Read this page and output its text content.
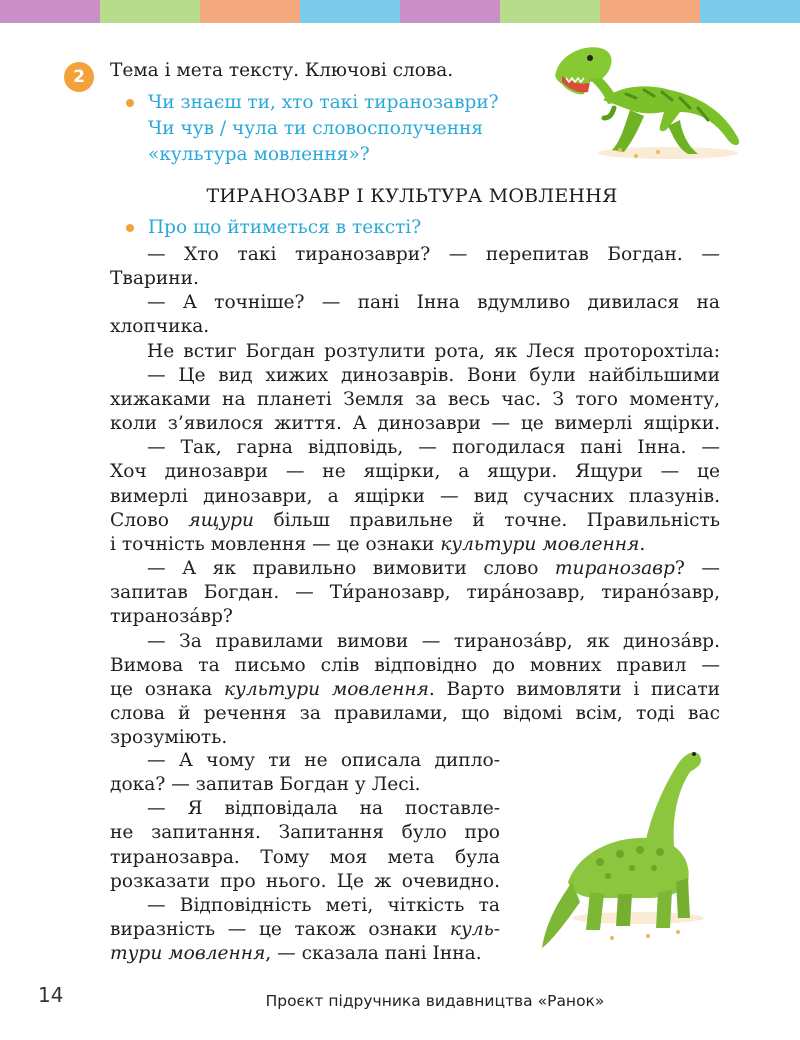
2	Тема і мета тексту. Ключові слова.
Чи знаєш ти, хто такі тиранозаври?
Чи чув / чула ти словосполучення
«культура мовлення»?
ТИРАНОЗАВР І КУЛЬТУРА МОВЛЕННЯ
Про що йтиметься в тексті?
— Хто такі тиранозаври? — перепитав Богдан. —
Тварини.
— А точніше? — пані Інна вдумливо дивилася на
хлопчика.
Не встиг Богдан розтулити рота, як Леся проторохтіла:
— Це вид хижих динозаврів. Вони були найбільшими
хижаками на планеті Земля за весь час. З того моменту,
коли з’явилося життя. А динозаври — це вимерлі ящірки.
— Так, гарна відповідь, — погодилася пані Інна. —
Хоч динозаври — не ящірки, а ящури. Ящури — це
вимерлі динозаври, а ящірки — вид сучасних плазунів.
Слово ящури більш правильне й точне. Правильність
і точність мовлення — це ознаки культури мовлення.
— А як правильно вимовити слово тиранозавр? —
запитав Богдан. — Ти́ранозавр, тира́нозавр, тирано́завр,
тираноза́вр?
— За правилами вимови — тираноза́вр, як диноза́вр.
Вимова та письмо слів відповідно до мовних правил —
це ознака культури мовлення. Варто вимовляти і писати
слова й речення за правилами, що відомі всім, тоді вас
зрозуміють.
— А чому ти не описала дипло-
дока? — запитав Богдан у Лесі.
— Я відповідала на поставле-
не запитання. Запитання було про
тиранозавра. Тому моя мета була
розказати про нього. Це ж очевидно.
— Відповідність меті, чіткість та
виразність — це також ознаки куль-
тури мовлення, — сказала пані Інна.
14	Проєкт підручника видавництва «Ранок»
